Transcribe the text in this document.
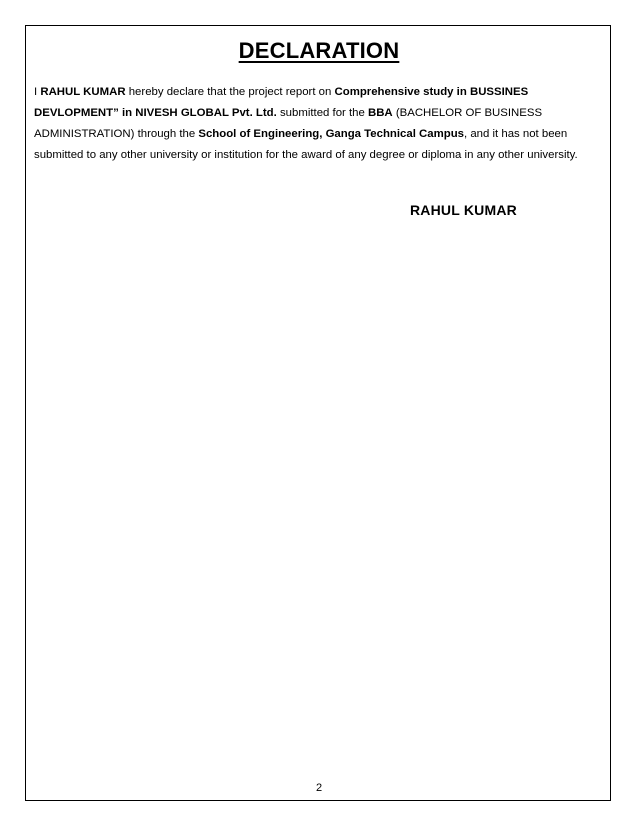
DECLARATION

I RAHUL KUMAR hereby declare that the project report on Comprehensive study in BUSSINES DEVLOPMENT” in NIVESH GLOBAL Pvt. Ltd. submitted for the BBA (BACHELOR OF BUSINESS ADMINISTRATION) through the School of Engineering, Ganga Technical Campus, and it has not been submitted to any other university or institution for the award of any degree or diploma in any other university.

RAHUL KUMAR
2
